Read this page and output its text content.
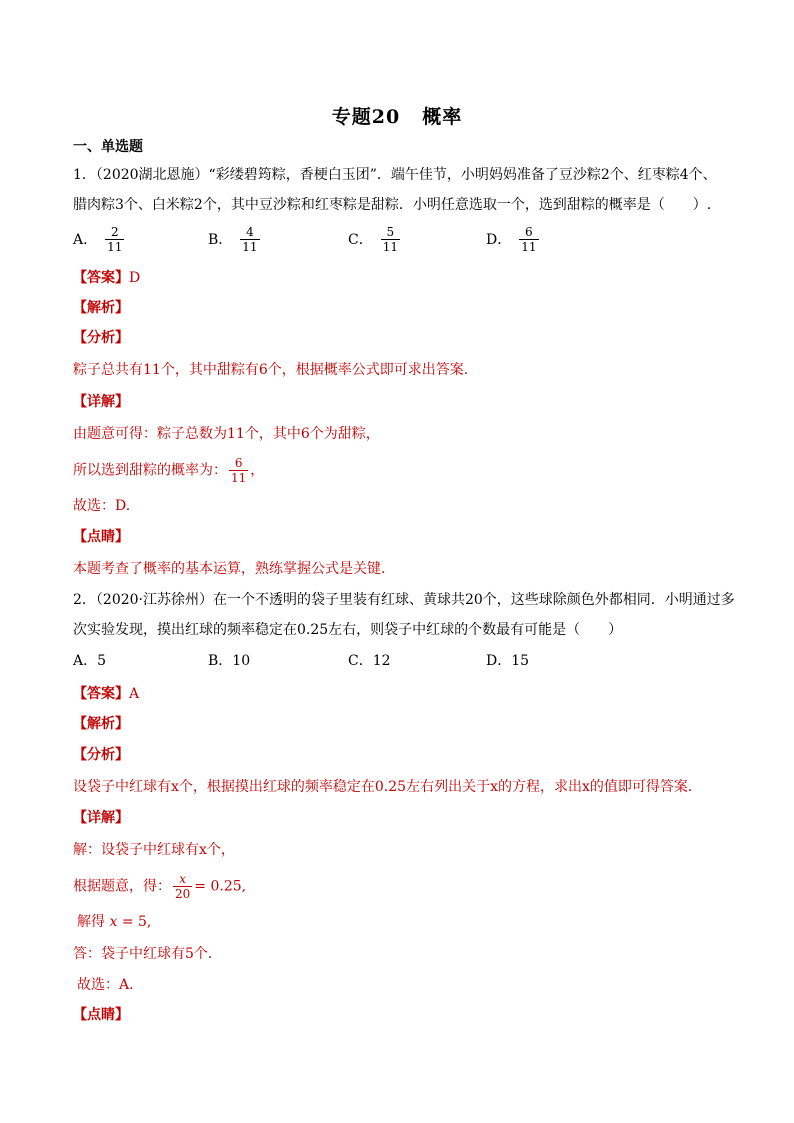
专题20 概率
一、单选题
1．（2020湖北恩施）“彩缕碧筠粽，香梗白玉团”．端午佳节，小明妈妈准备了豆沙粽2个、红枣粽4个、
腊肉粽3个、白米粽2个，其中豆沙粽和红枣粽是甜粽．小明任意选取一个，选到甜粽的概率是（　　）.
A． $\frac{2}{11}$	B． $\frac{4}{11}$	C． $\frac{5}{11}$	D． $\frac{6}{11}$
【答案】D
【解析】
【分析】
粽子总共有11个，其中甜粽有6个，根据概率公式即可求出答案.
【详解】
由题意可得：粽子总数为11个，其中6个为甜粽，
所以选到甜粽的概率为： $\frac{6}{11}$ ，
故选：D.
【点睛】
本题考查了概率的基本运算，熟练掌握公式是关键.
2．（2020·江苏徐州）在一个不透明的袋子里装有红球、黄球共20个，这些球除颜色外都相同．小明通过多
次实验发现，摸出红球的频率稳定在0.25左右，则袋子中红球的个数最有可能是（　　）
A．5	B．10	C．12	D．15
【答案】A
【解析】
【分析】
设袋子中红球有x个，根据摸出红球的频率稳定在0.25左右列出关于x的方程，求出x的值即可得答案．
【详解】
解：设袋子中红球有x个，
根据题意，得： $\frac{x}{20} = 0.25$,
解得 x = 5,
答：袋子中红球有5个．
故选：A．
【点睛】
